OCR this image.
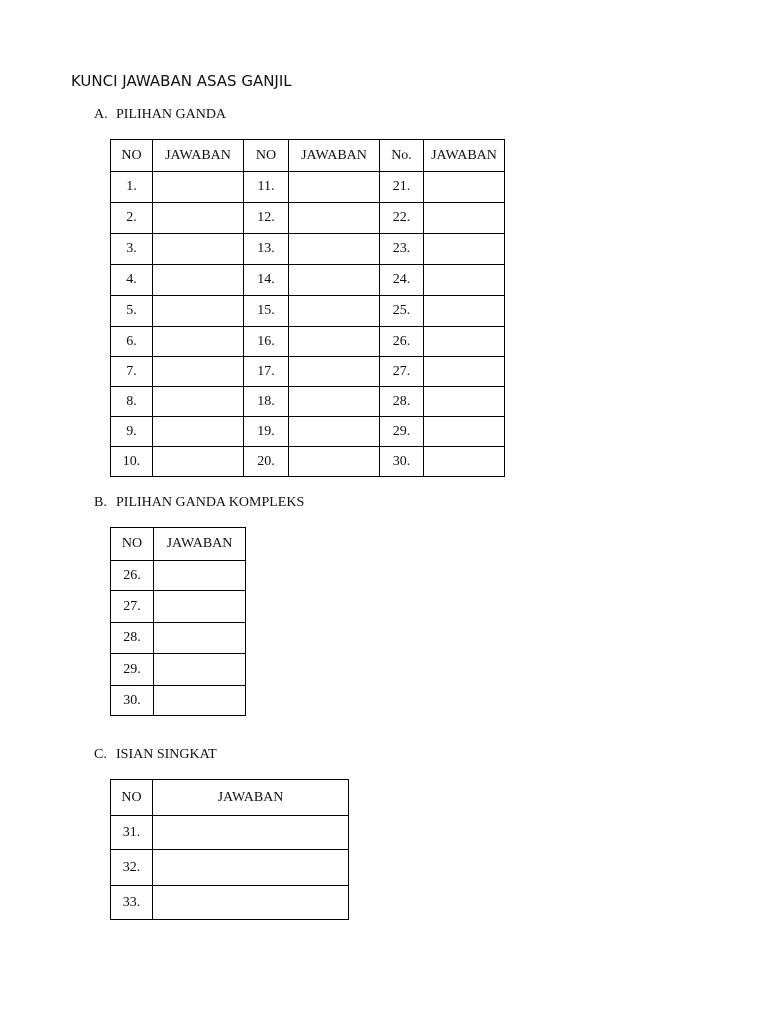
KUNCI JAWABAN ASAS GANJIL
A. PILIHAN GANDA
NO	JAWABAN	NO	JAWABAN	No.	JAWABAN
1.		11.		21.	
2.		12.		22.	
3.		13.		23.	
4.		14.		24.	
5.		15.		25.	
6.		16.		26.	
7.		17.		27.	
8.		18.		28.	
9.		19.		29.	
10.		20.		30.	
B. PILIHAN GANDA KOMPLEKS
NO	JAWABAN
26.	
27.	
28.	
29.	
30.	
C. ISIAN SINGKAT
NO	JAWABAN
31.	
32.	
33.	
